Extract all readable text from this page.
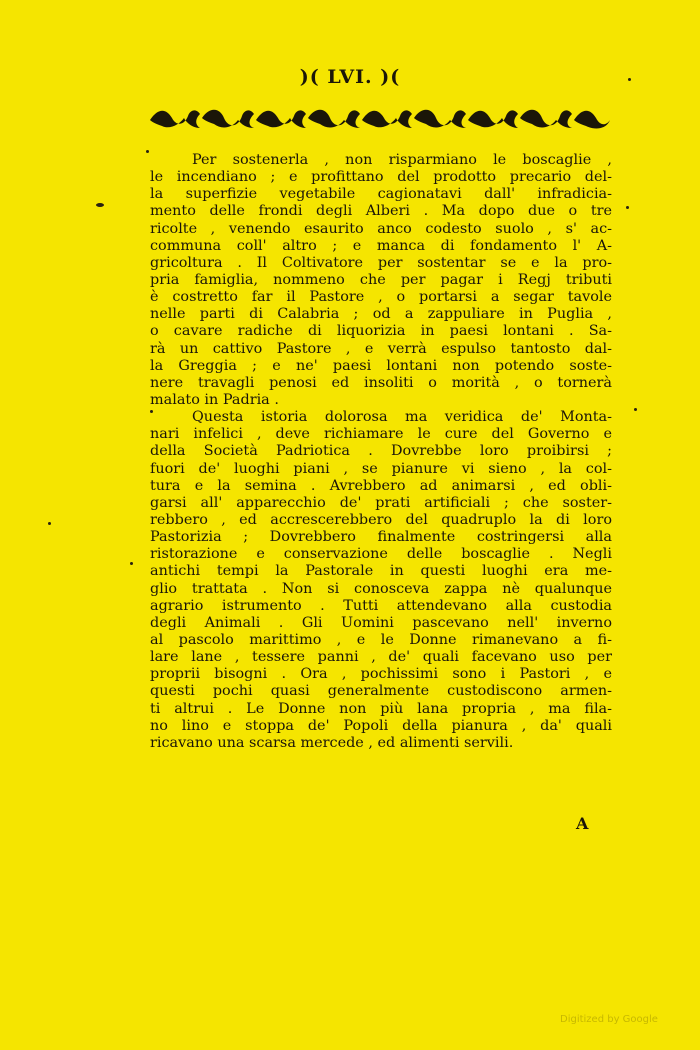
)( LVI. )(
Per sostenerla , non risparmiano le boscaglie ,
le incendiano ; e profittano del prodotto precario del-
la superfizie vegetabile cagionatavi dall' infradicia-
mento delle frondi degli Alberi . Ma dopo due o tre
ricolte , venendo esaurito anco codesto suolo , s' ac-
communa coll' altro ; e manca di fondamento l' A-
gricoltura . Il Coltivatore per sostentar se e la pro-
pria famiglia, nommeno che per pagar i Regj tributi
è costretto far il Pastore , o portarsi a segar tavole
nelle parti di Calabria ; od a zappuliare in Puglia ,
o cavare radiche di liquorizia in paesi lontani . Sa-
rà un cattivo Pastore , e verrà espulso tantosto dal-
la Greggia ; e ne' paesi lontani non potendo soste-
nere travagli penosi ed insoliti o morità , o tornerà
malato in Padria .
Questa istoria dolorosa ma veridica de' Monta-
nari infelici , deve richiamare le cure del Governo e
della Società Padriotica . Dovrebbe loro proibirsi ;
fuori de' luoghi piani , se pianure vi sieno , la col-
tura e la semina . Avrebbero ad animarsi , ed obli-
garsi all' apparecchio de' prati artificiali ; che soster-
rebbero , ed accrescerebbero del quadruplo la di loro
Pastorizia ; Dovrebbero finalmente costringersi alla
ristorazione e conservazione delle boscaglie . Negli
antichi tempi la Pastorale in questi luoghi era me-
glio trattata . Non si conosceva zappa nè qualunque
agrario istrumento . Tutti attendevano alla custodia
degli Animali . Gli Uomini pascevano nell' inverno
al pascolo marittimo , e le Donne rimanevano a fi-
lare lane , tessere panni , de' quali facevano uso per
proprii bisogni . Ora , pochissimi sono i Pastori , e
questi pochi quasi generalmente custodiscono armen-
ti altrui . Le Donne non più lana propria , ma fila-
no lino e stoppa de' Popoli della pianura , da' quali
ricavano una scarsa mercede , ed alimenti servili.
A
Digitized by Google
